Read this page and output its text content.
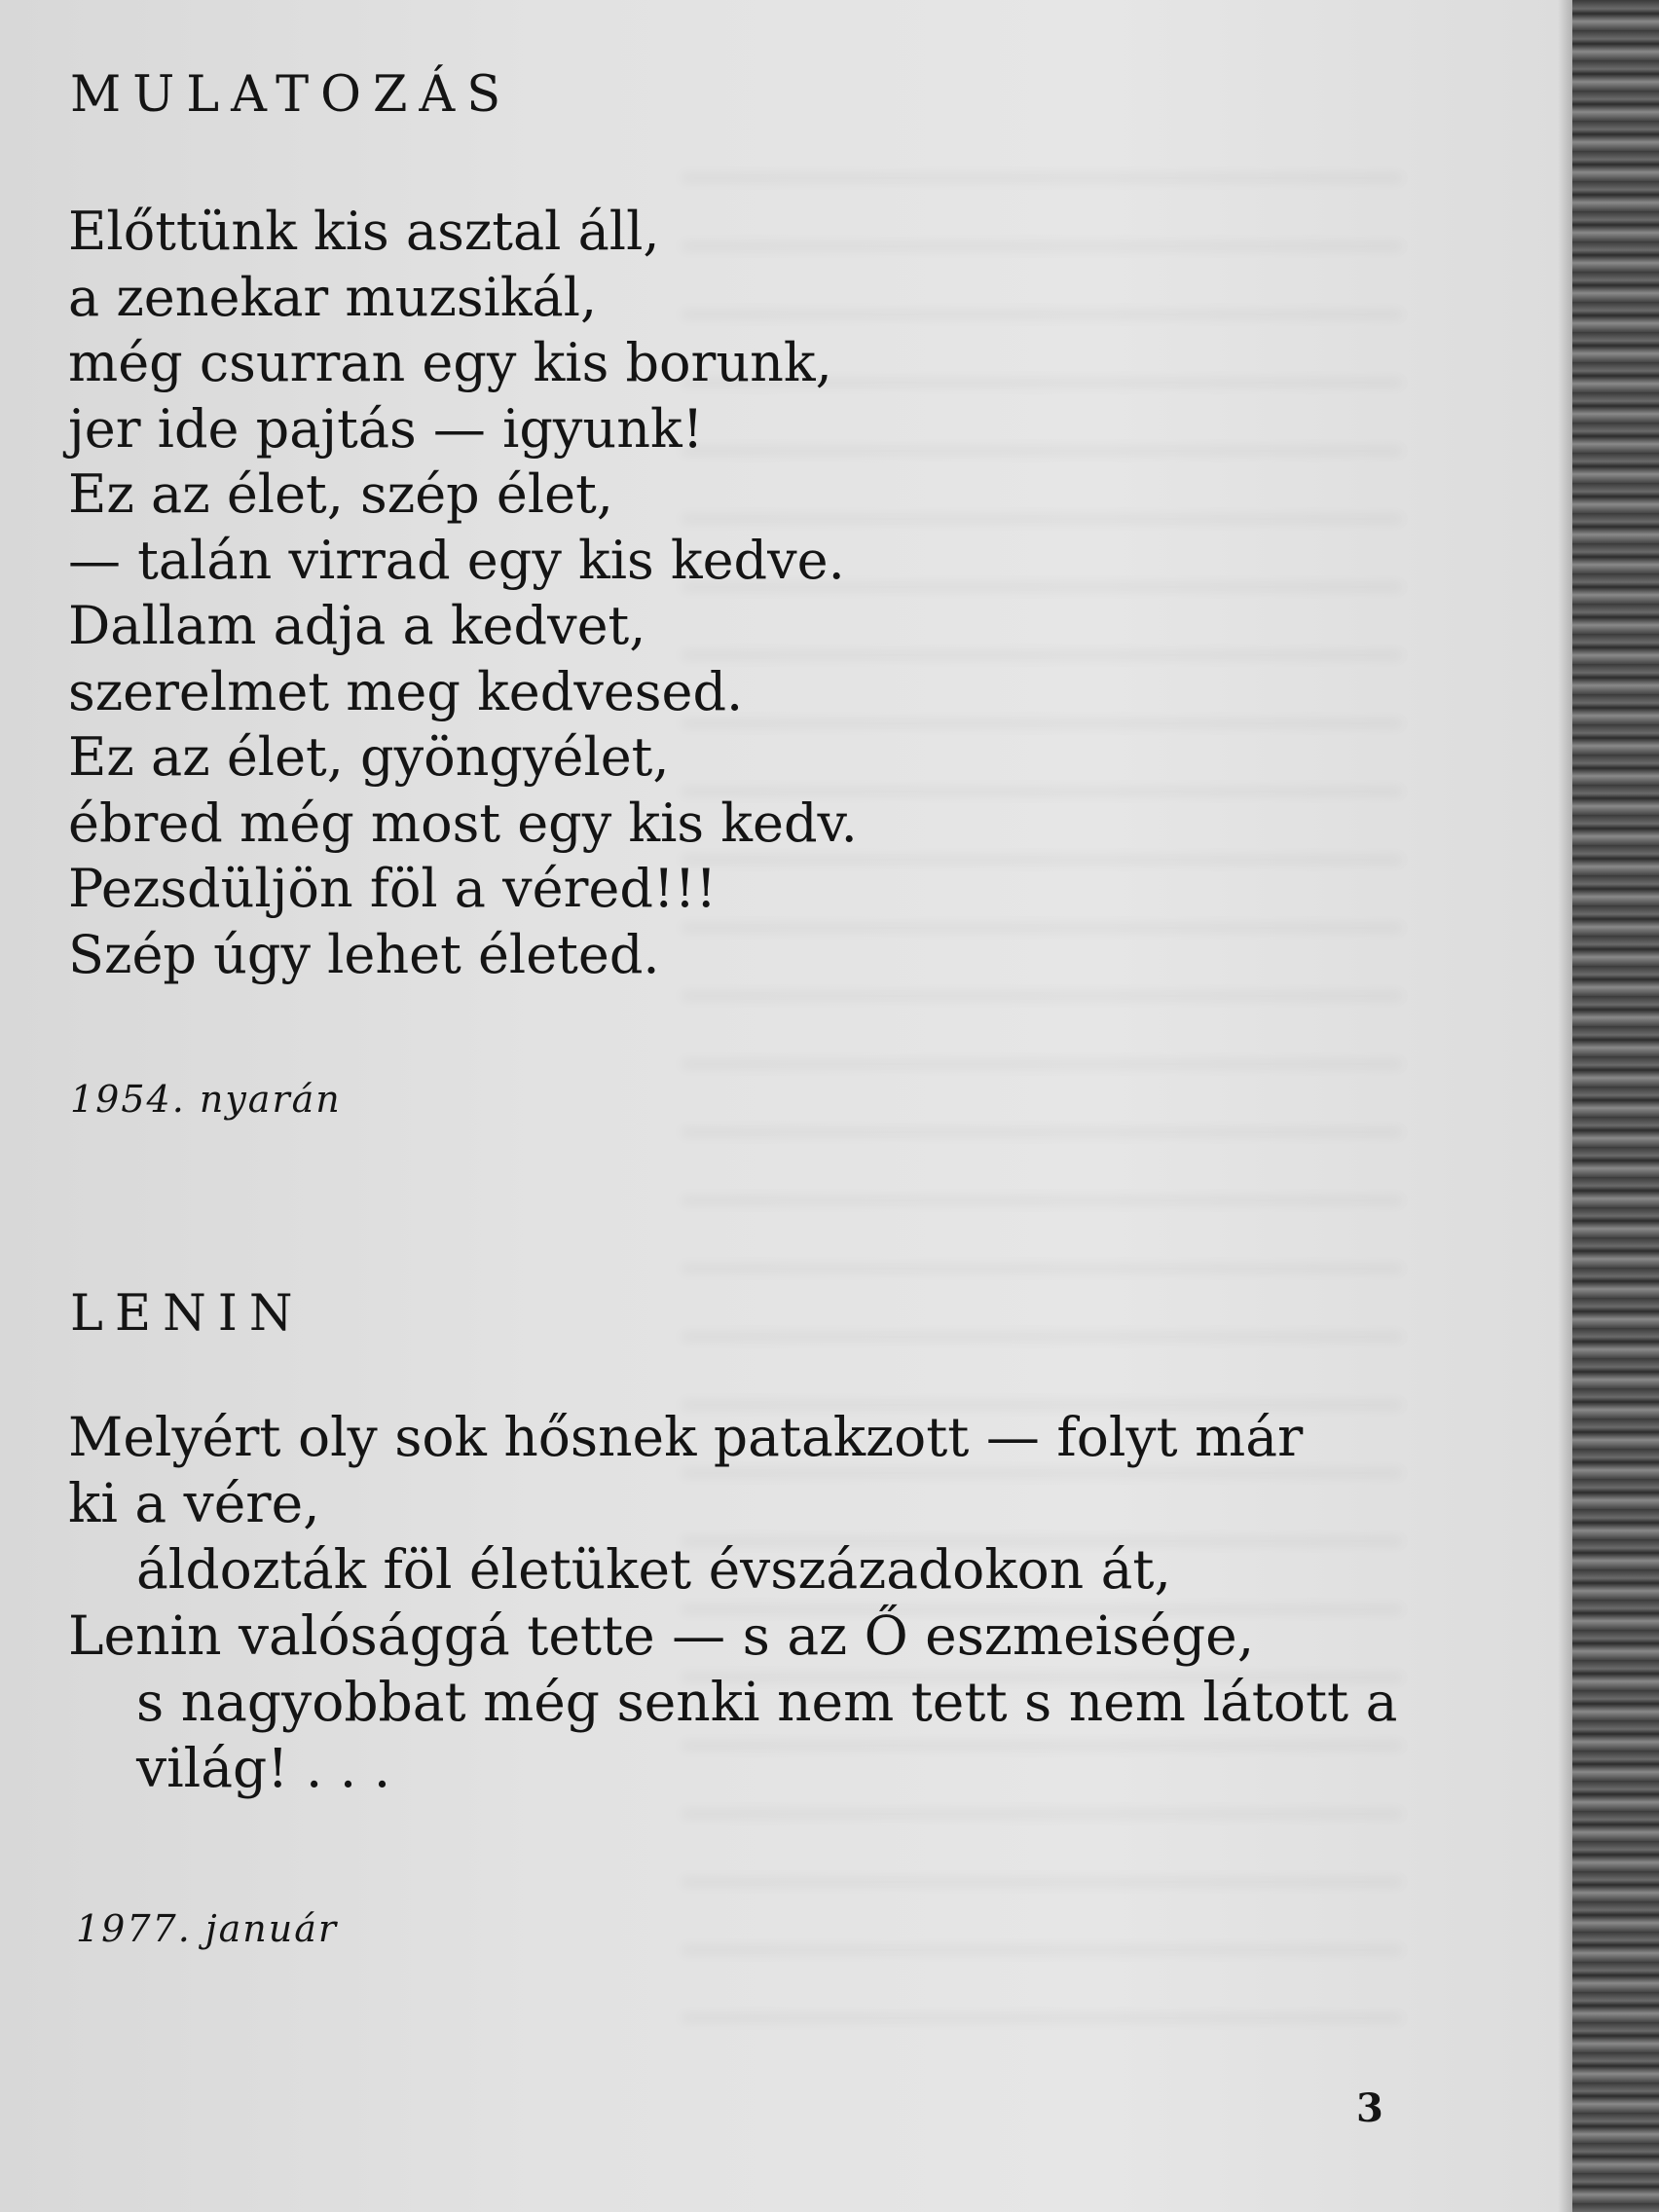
MULATOZÁS
Előttünk kis asztal áll,
a zenekar muzsikál,
még csurran egy kis borunk,
jer ide pajtás — igyunk!
Ez az élet, szép élet,
— talán virrad egy kis kedve.
Dallam adja a kedvet,
szerelmet meg kedvesed.
Ez az élet, gyöngyélet,
ébred még most egy kis kedv.
Pezsdüljön föl a véred!!!
Szép úgy lehet életed.
1954. nyarán
LENIN
Melyért oly sok hősnek patakzott — folyt már
ki a vére,
áldozták föl életüket évszázadokon át,
Lenin valósággá tette — s az Ő eszmeisége,
s nagyobbat még senki nem tett s nem látott a
világ! . . .
1977. január
3
